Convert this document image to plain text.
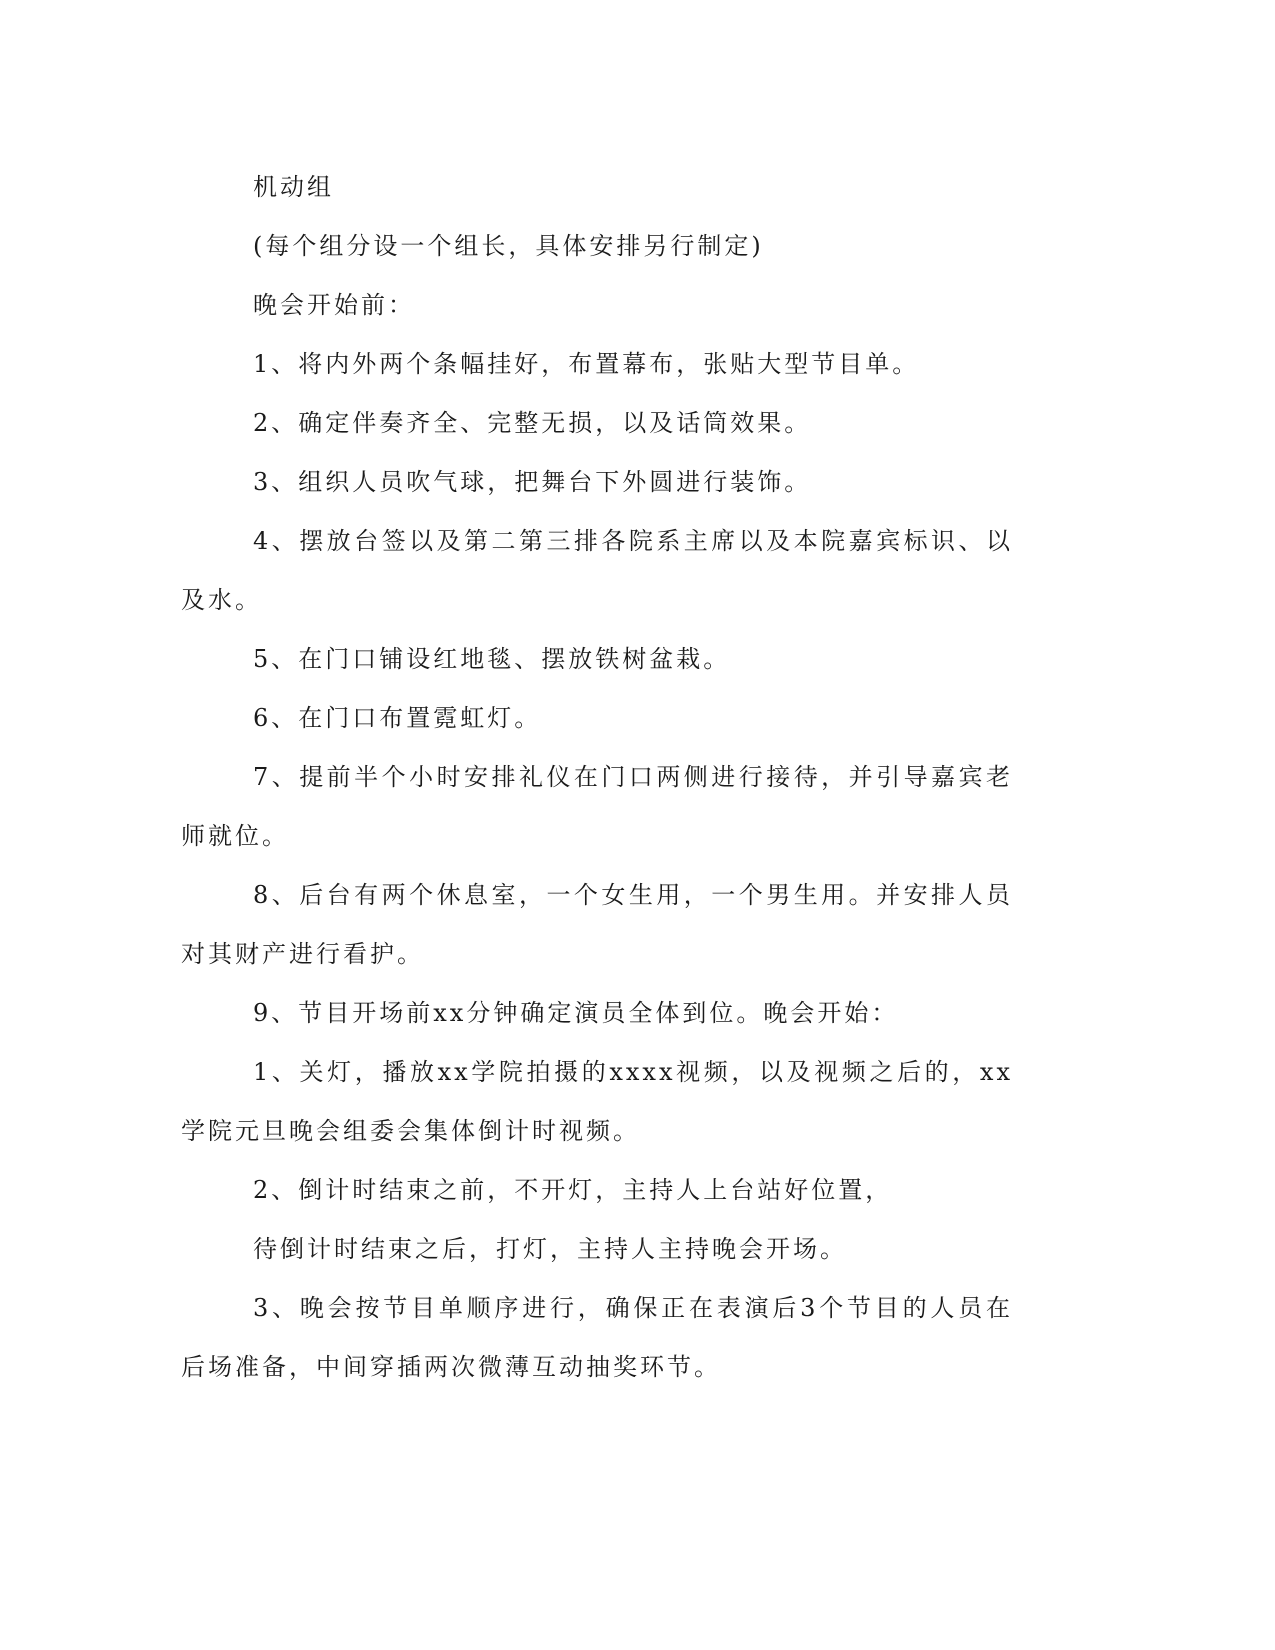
机动组

(每个组分设一个组长，具体安排另行制定)

晚会开始前：

1、将内外两个条幅挂好，布置幕布，张贴大型节目单。

2、确定伴奏齐全、完整无损，以及话筒效果。

3、组织人员吹气球，把舞台下外圆进行装饰。

4、摆放台签以及第二第三排各院系主席以及本院嘉宾标识、以及水。

5、在门口铺设红地毯、摆放铁树盆栽。

6、在门口布置霓虹灯。

7、提前半个小时安排礼仪在门口两侧进行接待，并引导嘉宾老师就位。

8、后台有两个休息室，一个女生用，一个男生用。并安排人员对其财产进行看护。

9、节目开场前xx分钟确定演员全体到位。晚会开始：

1、关灯，播放xx学院拍摄的xxxx视频，以及视频之后的，xx学院元旦晚会组委会集体倒计时视频。

2、倒计时结束之前，不开灯，主持人上台站好位置，

待倒计时结束之后，打灯，主持人主持晚会开场。

3、晚会按节目单顺序进行，确保正在表演后3个节目的人员在后场准备，中间穿插两次微薄互动抽奖环节。
